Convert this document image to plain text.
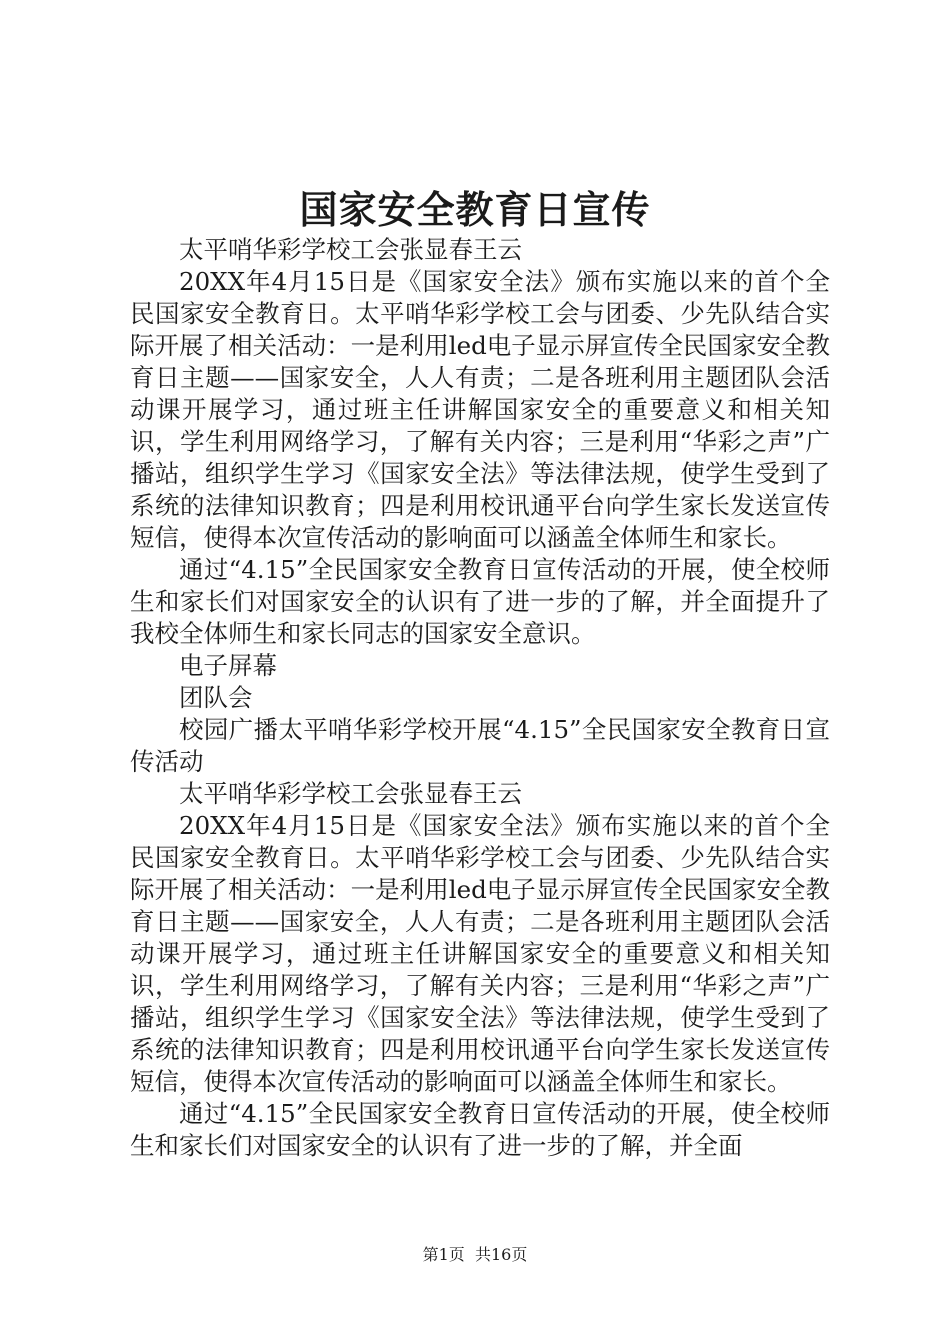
国家安全教育日宣传

太平哨华彩学校工会张显春王云

20XX年4月15日是《国家安全法》颁布实施以来的首个全民国家安全教育日。太平哨华彩学校工会与团委、少先队结合实际开展了相关活动：一是利用led电子显示屏宣传全民国家安全教育日主题——国家安全，人人有责；二是各班利用主题团队会活动课开展学习，通过班主任讲解国家安全的重要意义和相关知识，学生利用网络学习，了解有关内容；三是利用“华彩之声”广播站，组织学生学习《国家安全法》等法律法规，使学生受到了系统的法律知识教育；四是利用校讯通平台向学生家长发送宣传短信，使得本次宣传活动的影响面可以涵盖全体师生和家长。

通过“4.15”全民国家安全教育日宣传活动的开展，使全校师生和家长们对国家安全的认识有了进一步的了解，并全面提升了我校全体师生和家长同志的国家安全意识。

电子屏幕

团队会

校园广播太平哨华彩学校开展“4.15”全民国家安全教育日宣传活动

太平哨华彩学校工会张显春王云

20XX年4月15日是《国家安全法》颁布实施以来的首个全民国家安全教育日。太平哨华彩学校工会与团委、少先队结合实际开展了相关活动：一是利用led电子显示屏宣传全民国家安全教育日主题——国家安全，人人有责；二是各班利用主题团队会活动课开展学习，通过班主任讲解国家安全的重要意义和相关知识，学生利用网络学习，了解有关内容；三是利用“华彩之声”广播站，组织学生学习《国家安全法》等法律法规，使学生受到了系统的法律知识教育；四是利用校讯通平台向学生家长发送宣传短信，使得本次宣传活动的影响面可以涵盖全体师生和家长。

通过“4.15”全民国家安全教育日宣传活动的开展，使全校师生和家长们对国家安全的认识有了进一步的了解，并全面

第1页 共16页
